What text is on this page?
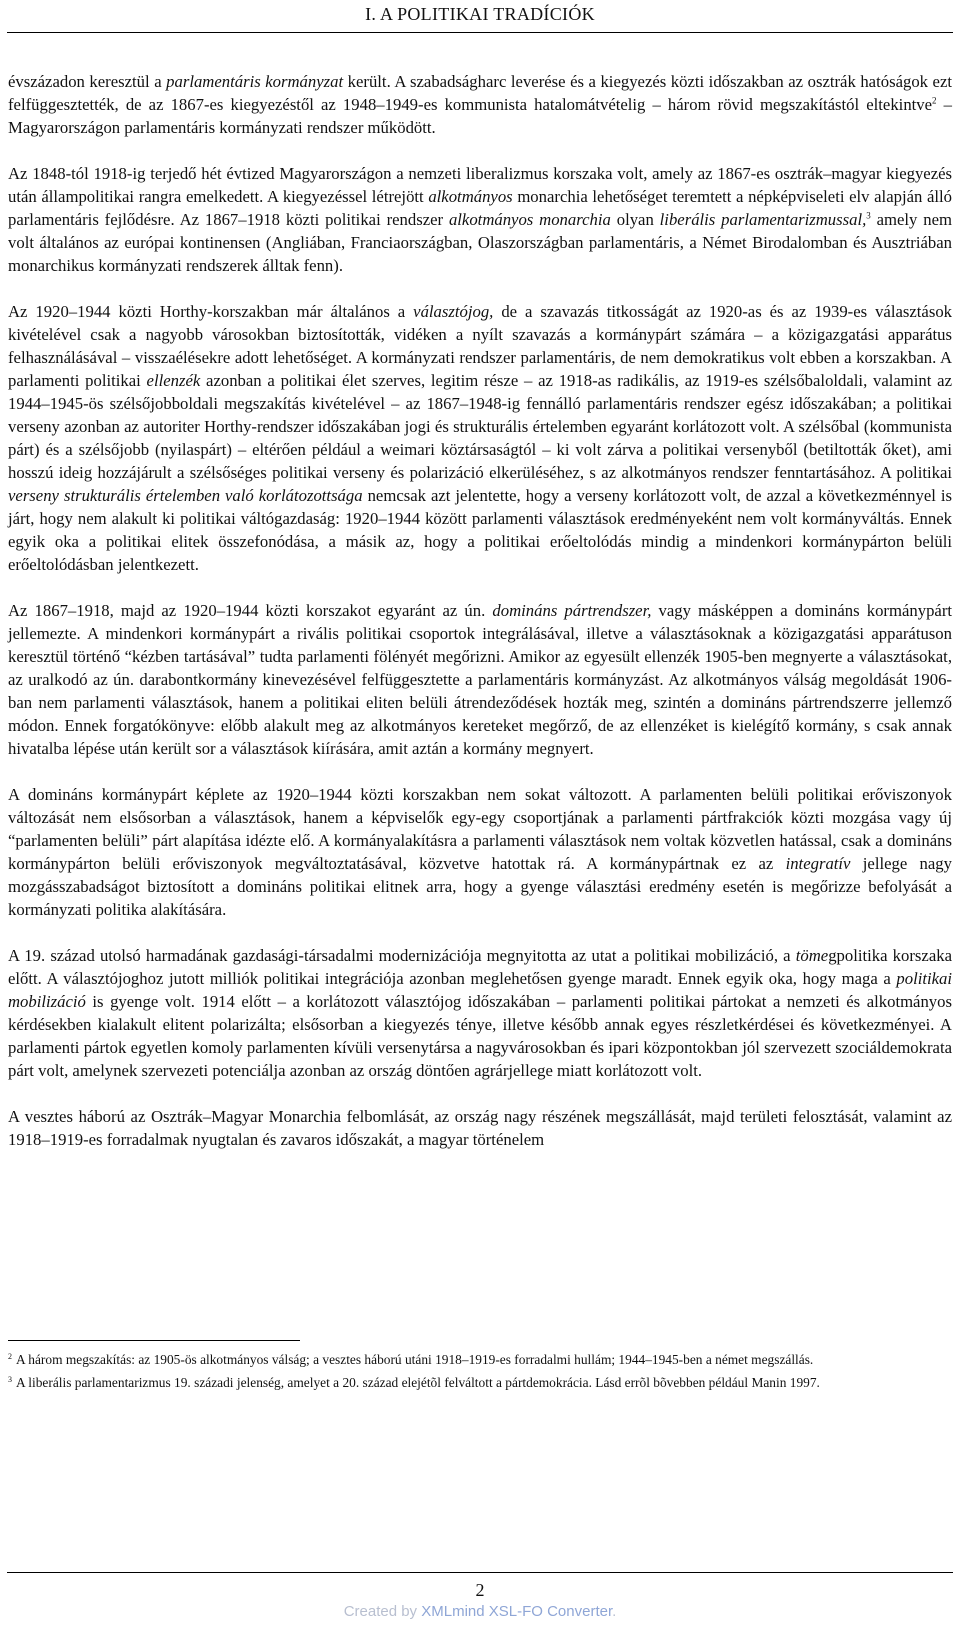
I. A POLITIKAI TRADÍCIÓK

évszázadon keresztül a parlamentáris kormányzat került. A szabadságharc leverése és a kiegyezés közti időszakban az osztrák hatóságok ezt felfüggesztették, de az 1867-es kiegyezéstől az 1948–1949-es kommunista hatalomátvételig – három rövid megszakítástól eltekintve$^2$ – Magyarországon parlamentáris kormányzati rendszer működött.

Az 1848-tól 1918-ig terjedő hét évtized Magyarországon a nemzeti liberalizmus korszaka volt, amely az 1867-es osztrák–magyar kiegyezés után állampolitikai rangra emelkedett. A kiegyezéssel létrejött alkotmányos monarchia lehetőséget teremtett a népképviseleti elv alapján álló parlamentáris fejlődésre. Az 1867–1918 közti politikai rendszer alkotmányos monarchia olyan liberális parlamentarizmussal,$^3$ amely nem volt általános az európai kontinensen (Angliában, Franciaországban, Olaszországban parlamentáris, a Német Birodalomban és Ausztriában monarchikus kormányzati rendszerek álltak fenn).

Az 1920–1944 közti Horthy-korszakban már általános a választójog, de a szavazás titkosságát az 1920-as és az 1939-es választások kivételével csak a nagyobb városokban biztosították, vidéken a nyílt szavazás a kormánypárt számára – a közigazgatási apparátus felhasználásával – visszaélésekre adott lehetőséget. A kormányzati rendszer parlamentáris, de nem demokratikus volt ebben a korszakban. A parlamenti politikai ellenzék azonban a politikai élet szerves, legitim része – az 1918-as radikális, az 1919-es szélsőbaloldali, valamint az 1944–1945-ös szélsőjobboldali megszakítás kivételével – az 1867–1948-ig fennálló parlamentáris rendszer egész időszakában; a politikai verseny azonban az autoriter Horthy-rendszer időszakában jogi és strukturális értelemben egyaránt korlátozott volt. A szélsőbal (kommunista párt) és a szélsőjobb (nyilaspárt) – eltérően például a weimari köztársaságtól – ki volt zárva a politikai versenyből (betiltották őket), ami hosszú ideig hozzájárult a szélsőséges politikai verseny és polarizáció elkerüléséhez, s az alkotmányos rendszer fenntartásához. A politikai verseny strukturális értelemben való korlátozottsága nemcsak azt jelentette, hogy a verseny korlátozott volt, de azzal a következménnyel is járt, hogy nem alakult ki politikai váltógazdaság: 1920–1944 között parlamenti választások eredményeként nem volt kormányváltás. Ennek egyik oka a politikai elitek összefonódása, a másik az, hogy a politikai erőeltolódás mindig a mindenkori kormánypárton belüli erőeltolódásban jelentkezett.

Az 1867–1918, majd az 1920–1944 közti korszakot egyaránt az ún. domináns pártrendszer, vagy másképpen a domináns kormánypárt jellemezte. A mindenkori kormánypárt a rivális politikai csoportok integrálásával, illetve a választásoknak a közigazgatási apparátuson keresztül történő “kézben tartásával” tudta parlamenti fölényét megőrizni. Amikor az egyesült ellenzék 1905-ben megnyerte a választásokat, az uralkodó az ún. darabontkormány kinevezésével felfüggesztette a parlamentáris kormányzást. Az alkotmányos válság megoldását 1906-ban nem parlamenti választások, hanem a politikai eliten belüli átrendeződések hozták meg, szintén a domináns pártrendszerre jellemző módon. Ennek forgatókönyve: előbb alakult meg az alkotmányos kereteket megőrző, de az ellenzéket is kielégítő kormány, s csak annak hivatalba lépése után került sor a választások kiírására, amit aztán a kormány megnyert.

A domináns kormánypárt képlete az 1920–1944 közti korszakban nem sokat változott. A parlamenten belüli politikai erőviszonyok változását nem elsősorban a választások, hanem a képviselők egy-egy csoportjának a parlamenti pártfrakciók közti mozgása vagy új “parlamenten belüli” párt alapítása idézte elő. A kormányalakításra a parlamenti választások nem voltak közvetlen hatással, csak a domináns kormánypárton belüli erőviszonyok megváltoztatásával, közvetve hatottak rá. A kormánypártnak ez az integratív jellege nagy mozgásszabadságot biztosított a domináns politikai elitnek arra, hogy a gyenge választási eredmény esetén is megőrizze befolyását a kormányzati politika alakítására.

A 19. század utolsó harmadának gazdasági-társadalmi modernizációja megnyitotta az utat a politikai mobilizáció, a tömegpolitika korszaka előtt. A választójoghoz jutott milliók politikai integrációja azonban meglehetősen gyenge maradt. Ennek egyik oka, hogy maga a politikai mobilizáció is gyenge volt. 1914 előtt – a korlátozott választójog időszakában – parlamenti politikai pártokat a nemzeti és alkotmányos kérdésekben kialakult elitent polarizálta; elsősorban a kiegyezés ténye, illetve később annak egyes részletkérdései és következményei. A parlamenti pártok egyetlen komoly parlamenten kívüli versenytársa a nagyvárosokban és ipari központokban jól szervezett szociáldemokrata párt volt, amelynek szervezeti potenciálja azonban az ország döntően agrárjellege miatt korlátozott volt.

A vesztes háború az Osztrák–Magyar Monarchia felbomlását, az ország nagy részének megszállását, majd területi felosztását, valamint az 1918–1919-es forradalmak nyugtalan és zavaros időszakát, a magyar történelem

$^2$ A három megszakítás: az 1905-ös alkotmányos válság; a vesztes háború utáni 1918–1919-es forradalmi hullám; 1944–1945-ben a német megszállás.
$^3$ A liberális parlamentarizmus 19. századi jelenség, amelyet a 20. század elejétõl felváltott a pártdemokrácia. Lásd errõl bõvebben például Manin 1997.
2
Created by XMLmind XSL-FO Converter.
